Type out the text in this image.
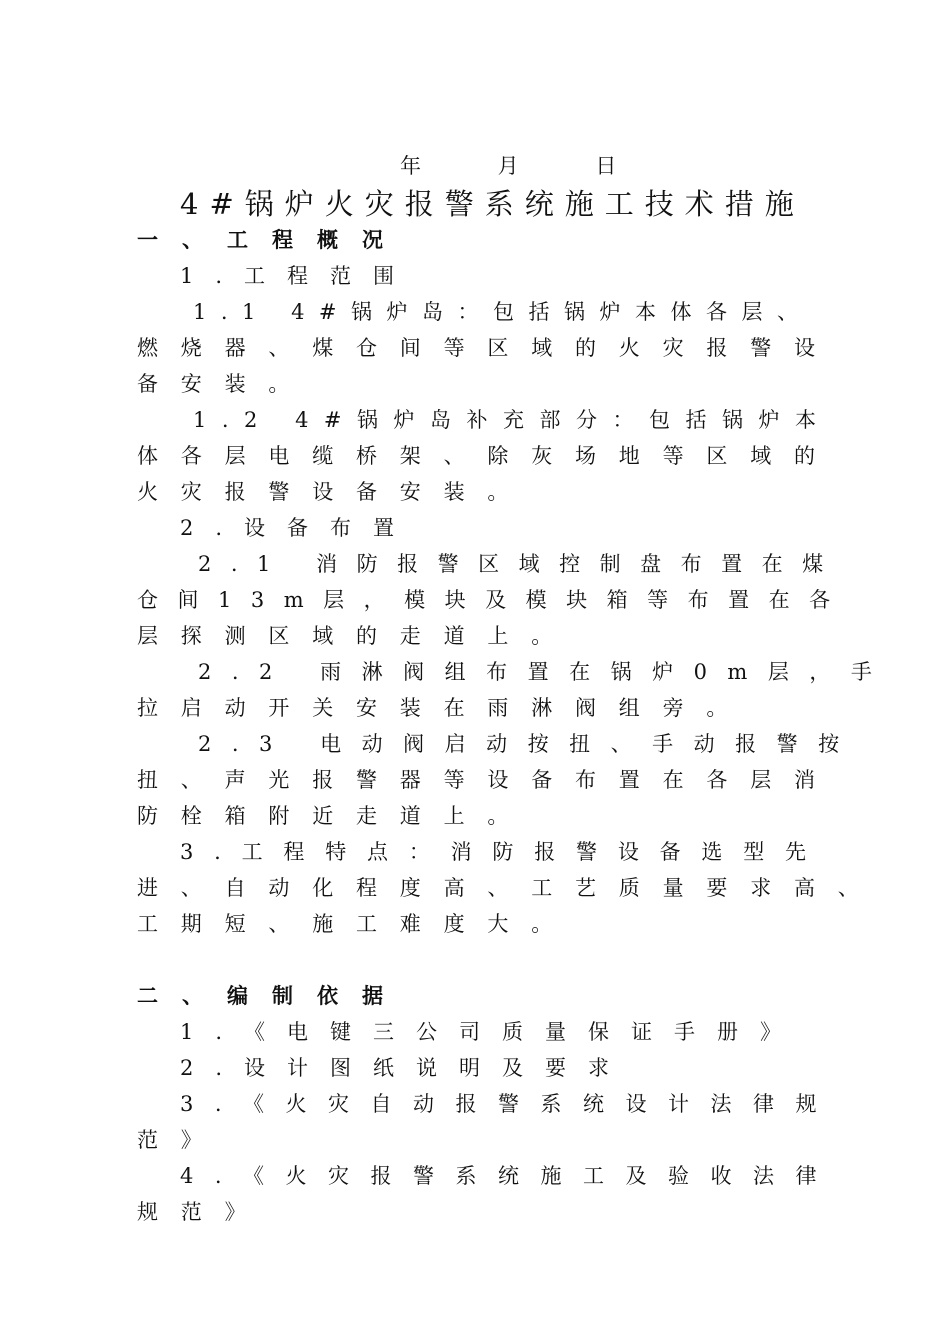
年 月 日
4#锅炉火灾报警系统施工技术措施
一、工程概况
1.工程范围
1.1 4#锅炉岛：包括锅炉本体各层、
燃烧器、煤仓间等区域的火灾报警设
备安装。
1.2 4#锅炉岛补充部分：包括锅炉本
体各层电缆桥架、除灰场地等区域的
火灾报警设备安装。
2.设备布置
2.1 消防报警区域控制盘布置在煤
仓间13m层，模块及模块箱等布置在各
层探测区域的走道上。
2.2 雨淋阀组布置在锅炉0m层，手
拉启动开关安装在雨淋阀组旁。
2.3 电动阀启动按扭、手动报警按
扭、声光报警器等设备布置在各层消
防栓箱附近走道上。
3.工程特点：消防报警设备选型先
进、自动化程度高、工艺质量要求高、
工期短、施工难度大。
二、编制依据
1.《电键三公司质量保证手册》
2.设计图纸说明及要求
3.《火灾自动报警系统设计法律规
范》
4.《火灾报警系统施工及验收法律
规范》
